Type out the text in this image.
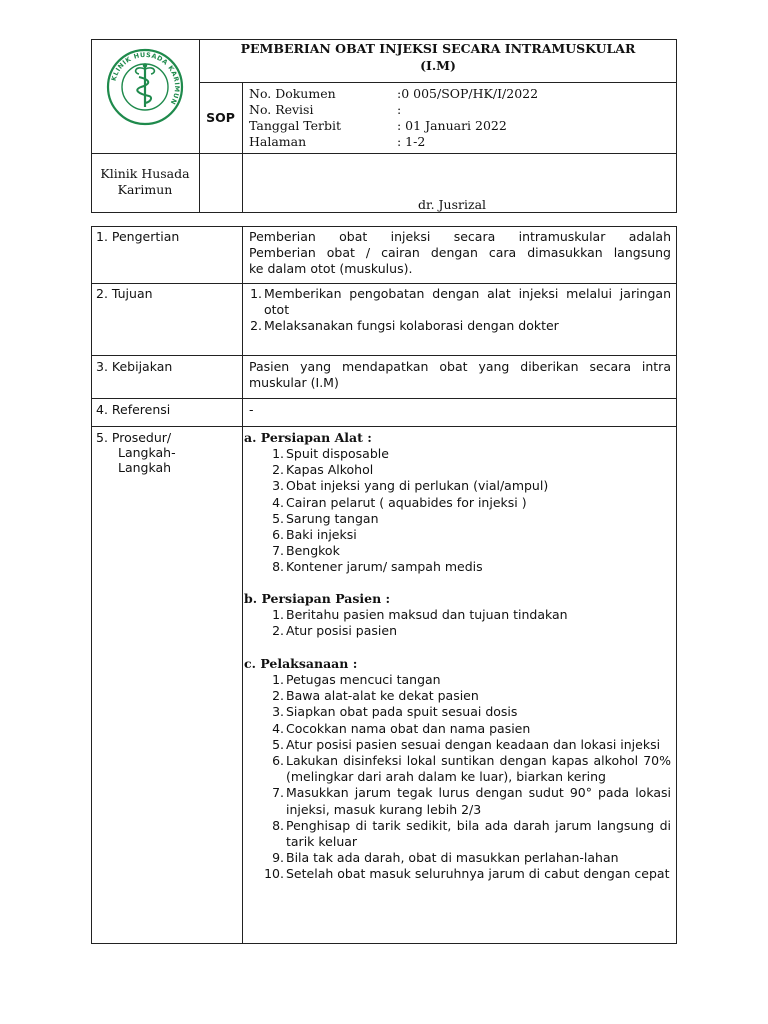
KLINIK HUSADA KARIMUN
PEMBERIAN OBAT INJEKSI SECARA INTRAMUSKULAR
(I.M)
SOP
No. Dokumen	:0 005/SOP/HK/I/2022
No. Revisi	:
Tanggal Terbit	: 01 Januari 2022
Halaman	: 1-2
Klinik Husada
Karimun
dr. Jusrizal
1. Pengertian	Pemberian obat injeksi secara intramuskular adalah
Pemberian obat / cairan dengan cara dimasukkan langsung
ke dalam otot (muskulus).
2. Tujuan	1. Memberikan pengobatan dengan alat injeksi melalui jaringan otot
2. Melaksanakan fungsi kolaborasi dengan dokter
3. Kebijakan	Pasien yang mendapatkan obat yang diberikan secara intra
muskular (I.M)
4. Referensi	-
5. Prosedur/
Langkah-
Langkah
a. Persiapan Alat :
1. Spuit disposable
2. Kapas Alkohol
3. Obat injeksi yang di perlukan (vial/ampul)
4. Cairan pelarut ( aquabides for injeksi )
5. Sarung tangan
6. Baki injeksi
7. Bengkok
8. Kontener jarum/ sampah medis
b. Persiapan Pasien :
1. Beritahu pasien maksud dan tujuan tindakan
2. Atur posisi pasien
c. Pelaksanaan :
1. Petugas mencuci tangan
2. Bawa alat-alat ke dekat pasien
3. Siapkan obat pada spuit sesuai dosis
4. Cocokkan nama obat dan nama pasien
5. Atur posisi pasien sesuai dengan keadaan dan lokasi injeksi
6. Lakukan disinfeksi lokal suntikan dengan kapas alkohol 70% (melingkar dari arah dalam ke luar), biarkan kering
7. Masukkan jarum tegak lurus dengan sudut 90° pada lokasi injeksi, masuk kurang lebih 2/3
8. Penghisap di tarik sedikit, bila ada darah jarum langsung di tarik keluar
9. Bila tak ada darah, obat di masukkan perlahan-lahan
10. Setelah obat masuk seluruhnya jarum di cabut dengan cepat
